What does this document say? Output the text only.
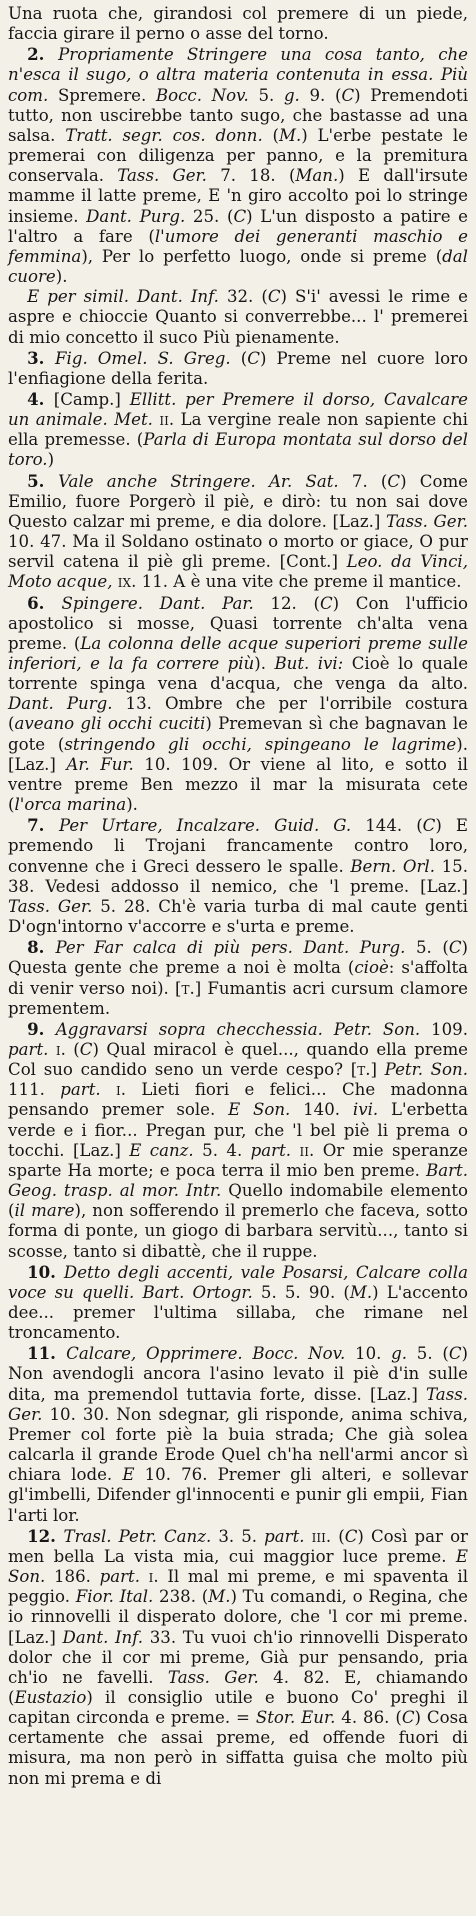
Una ruota che, girandosi col premere di un piede, faccia girare il perno o asse del torno.

2. Propriamente Stringere una cosa tanto, che n'esca il sugo, o altra materia contenuta in essa. Più com. Spremere. Bocc. Nov. 5. g. 9. (C) Premendoti tutto, non uscirebbe tanto sugo, che bastasse ad una salsa. Tratt. segr. cos. donn. (M.) L'erbe pestate le premerai con diligenza per panno, e la premitura conservala. Tass. Ger. 7. 18. (Man.) E dall'irsute mamme il latte preme, E 'n giro accolto poi lo stringe insieme. Dant. Purg. 25. (C) L'un disposto a patire e l'altro a fare (l'umore dei generanti maschio e femmina), Per lo perfetto luogo, onde si preme (dal cuore).

E per simil. Dant. Inf. 32. (C) S'i' avessi le rime e aspre e chioccie Quanto si converrebbe... l' premerei di mio concetto il suco Più pienamente.

3. Fig. Omel. S. Greg. (C) Preme nel cuore loro l'enfiagione della ferita.

4. [Camp.] Ellitt. per Premere il dorso, Cavalcare un animale. Met. ii. La vergine reale non sapiente chi ella premesse. (Parla di Europa montata sul dorso del toro.)

5. Vale anche Stringere. Ar. Sat. 7. (C) Come Emilio, fuore Porgerò il piè, e dirò: tu non sai dove Questo calzar mi preme, e dia dolore. [Laz.] Tass. Ger. 10. 47. Ma il Soldano ostinato o morto or giace, O pur servil catena il piè gli preme. [Cont.] Leo. da Vinci, Moto acque, ix. 11. A è una vite che preme il mantice.

6. Spingere. Dant. Par. 12. (C) Con l'ufficio apostolico si mosse, Quasi torrente ch'alta vena preme. (La colonna delle acque superiori preme sulle inferiori, e la fa correre più). But. ivi: Cioè lo quale torrente spinga vena d'acqua, che venga da alto. Dant. Purg. 13. Ombre che per l'orribile costura (aveano gli occhi cuciti) Premevan sì che bagnavan le gote (stringendo gli occhi, spingeano le lagrime). [Laz.] Ar. Fur. 10. 109. Or viene al lito, e sotto il ventre preme Ben mezzo il mar la misurata cete (l'orca marina).

7. Per Urtare, Incalzare. Guid. G. 144. (C) E premendo li Trojani francamente contro loro, convenne che i Greci dessero le spalle. Bern. Orl. 15. 38. Vedesi addosso il nemico, che 'l preme. [Laz.] Tass. Ger. 5. 28. Ch'è varia turba di mal caute genti D'ogn'intorno v'accorre e s'urta e preme.

8. Per Far calca di più pers. Dant. Purg. 5. (C) Questa gente che preme a noi è molta (cioè: s'affolta di venir verso noi). [t.] Fumantis acri cursum clamore prementem.

9. Aggravarsi sopra checchessia. Petr. Son. 109. part. i. (C) Qual miracol è quel..., quando ella preme Col suo candido seno un verde cespo? [t.] Petr. Son. 111. part. i. Lieti fiori e felici... Che madonna pensando premer sole. E Son. 140. ivi. L'erbetta verde e i fior... Pregan pur, che 'l bel piè li prema o tocchi. [Laz.] E canz. 5. 4. part. ii. Or mie speranze sparte Ha morte; e poca terra il mio ben preme. Bart. Geog. trasp. al mor. Intr. Quello indomabile elemento (il mare), non sofferendo il premerlo che faceva, sotto forma di ponte, un giogo di barbara servitù..., tanto si scosse, tanto si dibattè, che il ruppe.

10. Detto degli accenti, vale Posarsi, Calcare colla voce su quelli. Bart. Ortogr. 5. 5. 90. (M.) L'accento dee... premer l'ultima sillaba, che rimane nel troncamento.

11. Calcare, Opprimere. Bocc. Nov. 10. g. 5. (C) Non avendogli ancora l'asino levato il piè d'in sulle dita, ma premendol tuttavia forte, disse. [Laz.] Tass. Ger. 10. 30. Non sdegnar, gli risponde, anima schiva, Premer col forte piè la buia strada; Che già solea calcarla il grande Erode Quel ch'ha nell'armi ancor sì chiara lode. E 10. 76. Premer gli alteri, e sollevar gl'imbelli, Difender gl'innocenti e punir gli empii, Fian l'arti lor.

12. Trasl. Petr. Canz. 3. 5. part. iii. (C) Così par or men bella La vista mia, cui maggior luce preme. E Son. 186. part. i. Il mal mi preme, e mi spaventa il peggio. Fior. Ital. 238. (M.) Tu comandi, o Regina, che io rinnovelli il disperato dolore, che 'l cor mi preme. [Laz.] Dant. Inf. 33. Tu vuoi ch'io rinnovelli Disperato dolor che il cor mi preme, Già pur pensando, pria ch'io ne favelli. Tass. Ger. 4. 82. E, chiamando (Eustazio) il consiglio utile e buono Co' preghi il capitan circonda e preme. = Stor. Eur. 4. 86. (C) Cosa certamente che assai preme, ed offende fuori di misura, ma non però in siffatta guisa che molto più non mi prema e di
